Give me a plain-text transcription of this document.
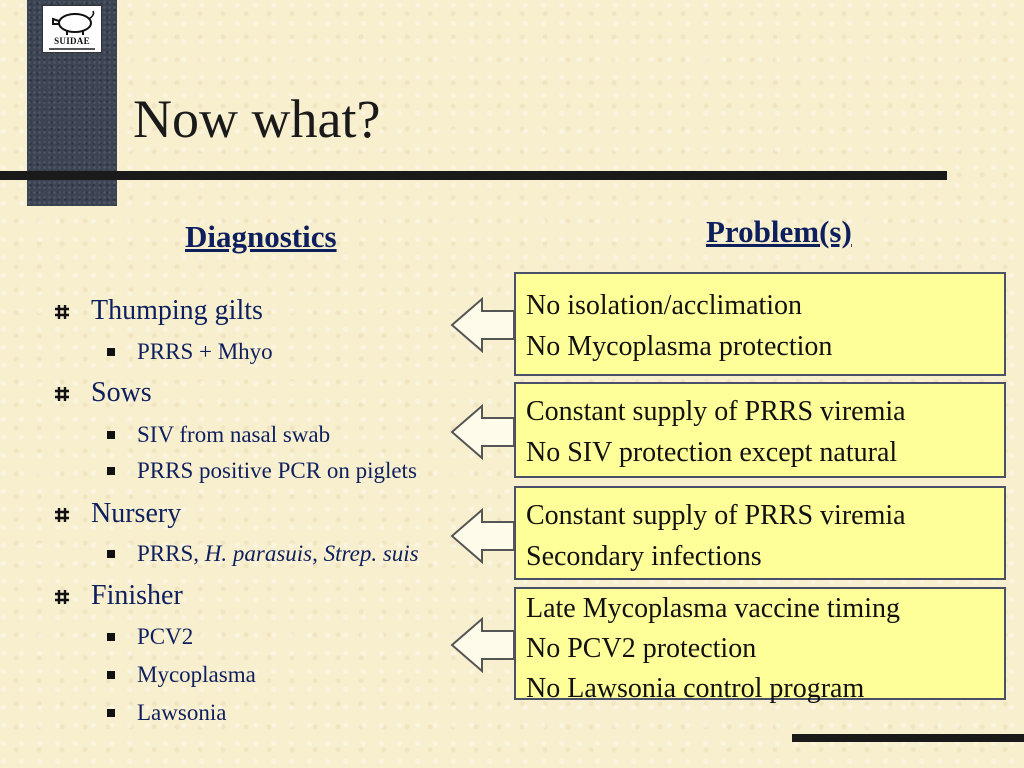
SUIDAE
Now what?
Diagnostics	Problem(s)
Thumping gilts
PRRS + Mhyo
Sows
SIV from nasal swab
PRRS positive PCR on piglets
Nursery
PRRS, H. parasuis, Strep. suis
Finisher
PCV2
Mycoplasma
Lawsonia
No isolation/acclimation
No Mycoplasma protection
Constant supply of PRRS viremia
No SIV protection except natural
Constant supply of PRRS viremia
Secondary infections
Late Mycoplasma vaccine timing
No PCV2 protection
No Lawsonia control program
